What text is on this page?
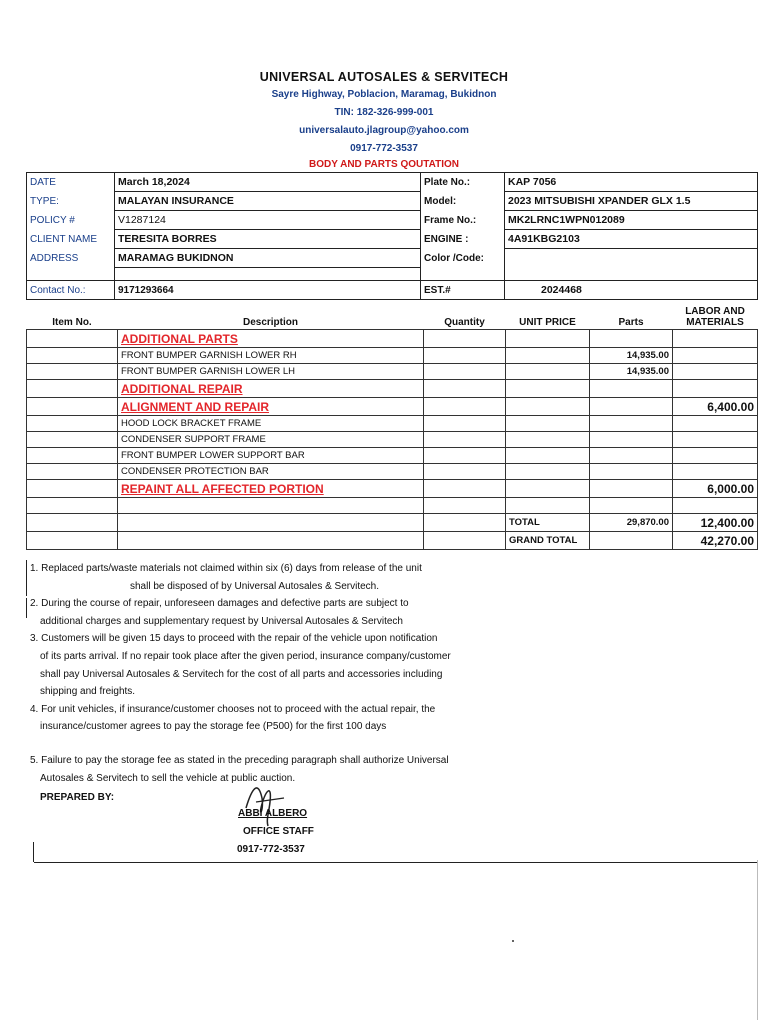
UNIVERSAL AUTOSALES & SERVITECH
Sayre Highway, Poblacion, Maramag, Bukidnon
TIN: 182-326-999-001
universalauto.jlagroup@yahoo.com
0917-772-3537
BODY AND PARTS QOUTATION
DATE	March 18,2024	Plate No.:	KAP 7056
TYPE:	MALAYAN INSURANCE	Model:	2023 MITSUBISHI XPANDER GLX 1.5
POLICY #	V1287124	Frame No.:	MK2LRNC1WPN012089
CLIENT NAME	TERESITA BORRES	ENGINE :	4A91KBG2103
ADDRESS	MARAMAG BUKIDNON	Color /Code:	

Contact No.:	9171293664	EST.#	2024468
Item No.	Description	Quantity	UNIT PRICE	Parts	LABOR AND MATERIALS
	ADDITIONAL PARTS				
	FRONT BUMPER GARNISH LOWER RH			14,935.00	
	FRONT BUMPER GARNISH LOWER LH			14,935.00	
	ADDITIONAL REPAIR				
	ALIGNMENT AND REPAIR				6,400.00
	HOOD LOCK BRACKET FRAME				
	CONDENSER SUPPORT FRAME				
	FRONT BUMPER LOWER SUPPORT BAR				
	CONDENSER PROTECTION BAR				
	REPAINT ALL AFFECTED PORTION				6,000.00

			TOTAL	29,870.00	12,400.00
			GRAND TOTAL		42,270.00

1. Replaced parts/waste materials not claimed within six (6) days from release of the unit

shall be disposed of by Universal Autosales & Servitech.

2. During the course of repair, unforeseen damages and defective parts are subject to

additional charges and supplementary request by Universal Autosales & Servitech

3. Customers will be given 15 days to proceed with the repair of the vehicle upon notification

of its parts arrival. If no repair took place after the given period, insurance company/customer

shall pay Universal Autosales & Servitech for the cost of all parts and accessories including

shipping and freights.

4. For unit vehicles, if insurance/customer chooses not to proceed with the actual repair, the

insurance/customer agrees to pay the storage fee (P500) for the first 100 days

5. Failure to pay the storage fee as stated in the preceding paragraph shall authorize Universal

Autosales & Servitech to sell the vehicle at public auction.

PREPARED BY:
ABBI ALBERO
OFFICE STAFF
0917-772-3537
